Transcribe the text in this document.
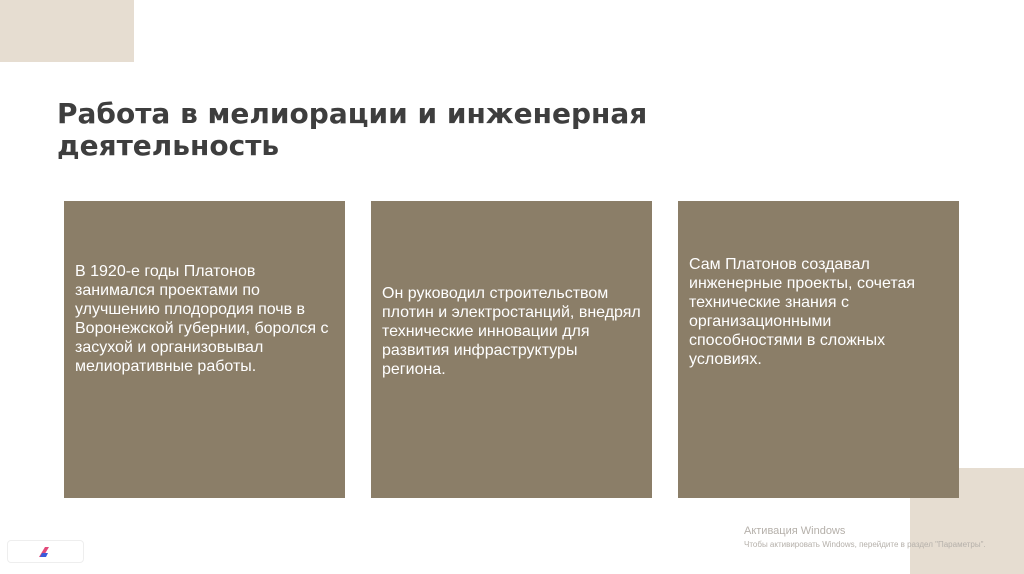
Работа в мелиорации и инженерная деятельность

В 1920-е годы Платонов занимался проектами по улучшению плодородия почв в Воронежской губернии, боролся с засухой и организовывал мелиоративные работы.

Он руководил строительством плотин и электростанций, внедрял технические инновации для развития инфраструктуры региона.

Сам Платонов создавал инженерные проекты, сочетая технические знания с организационными способностями в сложных условиях.

Активация Windows
Чтобы активировать Windows, перейдите в раздел "Параметры".
